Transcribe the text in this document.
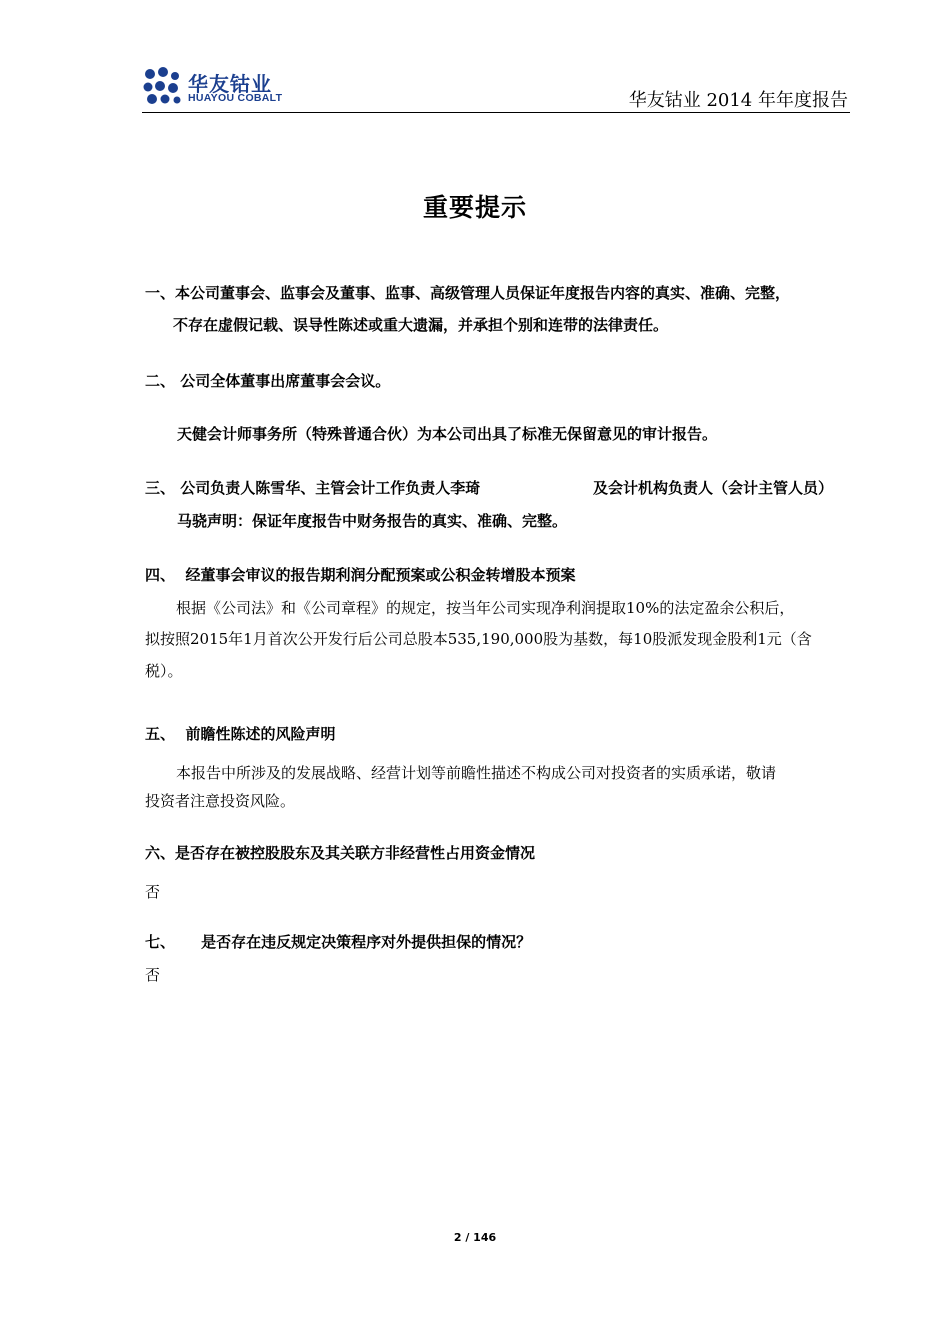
华友钴业
HUAYOU COBALT	华友钴业 2014 年年度报告
重要提示
一、本公司董事会、监事会及董事、监事、高级管理人员保证年度报告内容的真实、准确、完整，
不存在虚假记载、误导性陈述或重大遗漏，并承担个别和连带的法律责任。
二、 公司全体董事出席董事会会议。
天健会计师事务所（特殊普通合伙）为本公司出具了标准无保留意见的审计报告。
三、 公司负责人陈雪华、主管会计工作负责人李琦	及会计机构负责人（会计主管人员）
马骁声明：保证年度报告中财务报告的真实、准确、完整。
四、 经董事会审议的报告期利润分配预案或公积金转增股本预案
根据《公司法》和《公司章程》的规定，按当年公司实现净利润提取10%的法定盈余公积后，
拟按照2015年1月首次公开发行后公司总股本535,190,000股为基数，每10股派发现金股利1元（含
税）。
五、 前瞻性陈述的风险声明
本报告中所涉及的发展战略、经营计划等前瞻性描述不构成公司对投资者的实质承诺，敬请
投资者注意投资风险。
六、是否存在被控股股东及其关联方非经营性占用资金情况
否
七、 是否存在违反规定决策程序对外提供担保的情况？
否
2 / 146
